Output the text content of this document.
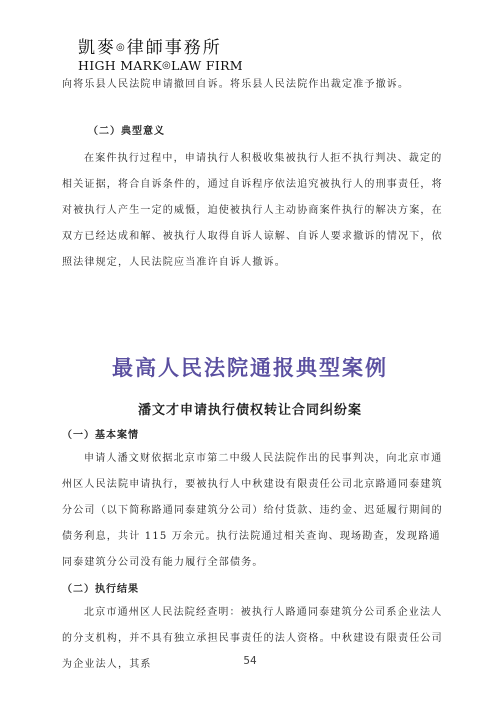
凱麥◎律師事務所
HIGH MARK◎LAW FIRM

向将乐县人民法院申请撤回自诉。将乐县人民法院作出裁定准予撤诉。

（二）典型意义

在案件执行过程中，申请执行人积极收集被执行人拒不执行判决、裁定的相关证据，将合自诉条件的，通过自诉程序依法追究被执行人的刑事责任，将对被执行人产生一定的威慑，迫使被执行人主动协商案件执行的解决方案，在双方已经达成和解、被执行人取得自诉人谅解、自诉人要求撤诉的情况下，依照法律规定，人民法院应当准许自诉人撤诉。

最高人民法院通报典型案例
潘文才申请执行债权转让合同纠纷案

（一）基本案情

申请人潘文财依据北京市第二中级人民法院作出的民事判决，向北京市通州区人民法院申请执行，要被执行人中秋建设有限责任公司北京路通同泰建筑分公司（以下简称路通同泰建筑分公司）给付货款、违约金、迟延履行期间的债务利息，共计 115 万余元。执行法院通过相关查询、现场勘查，发现路通同泰建筑分公司没有能力履行全部债务。

（二）执行结果

北京市通州区人民法院经查明：被执行人路通同泰建筑分公司系企业法人的分支机构，并不具有独立承担民事责任的法人资格。中秋建设有限责任公司为企业法人，其系	54
